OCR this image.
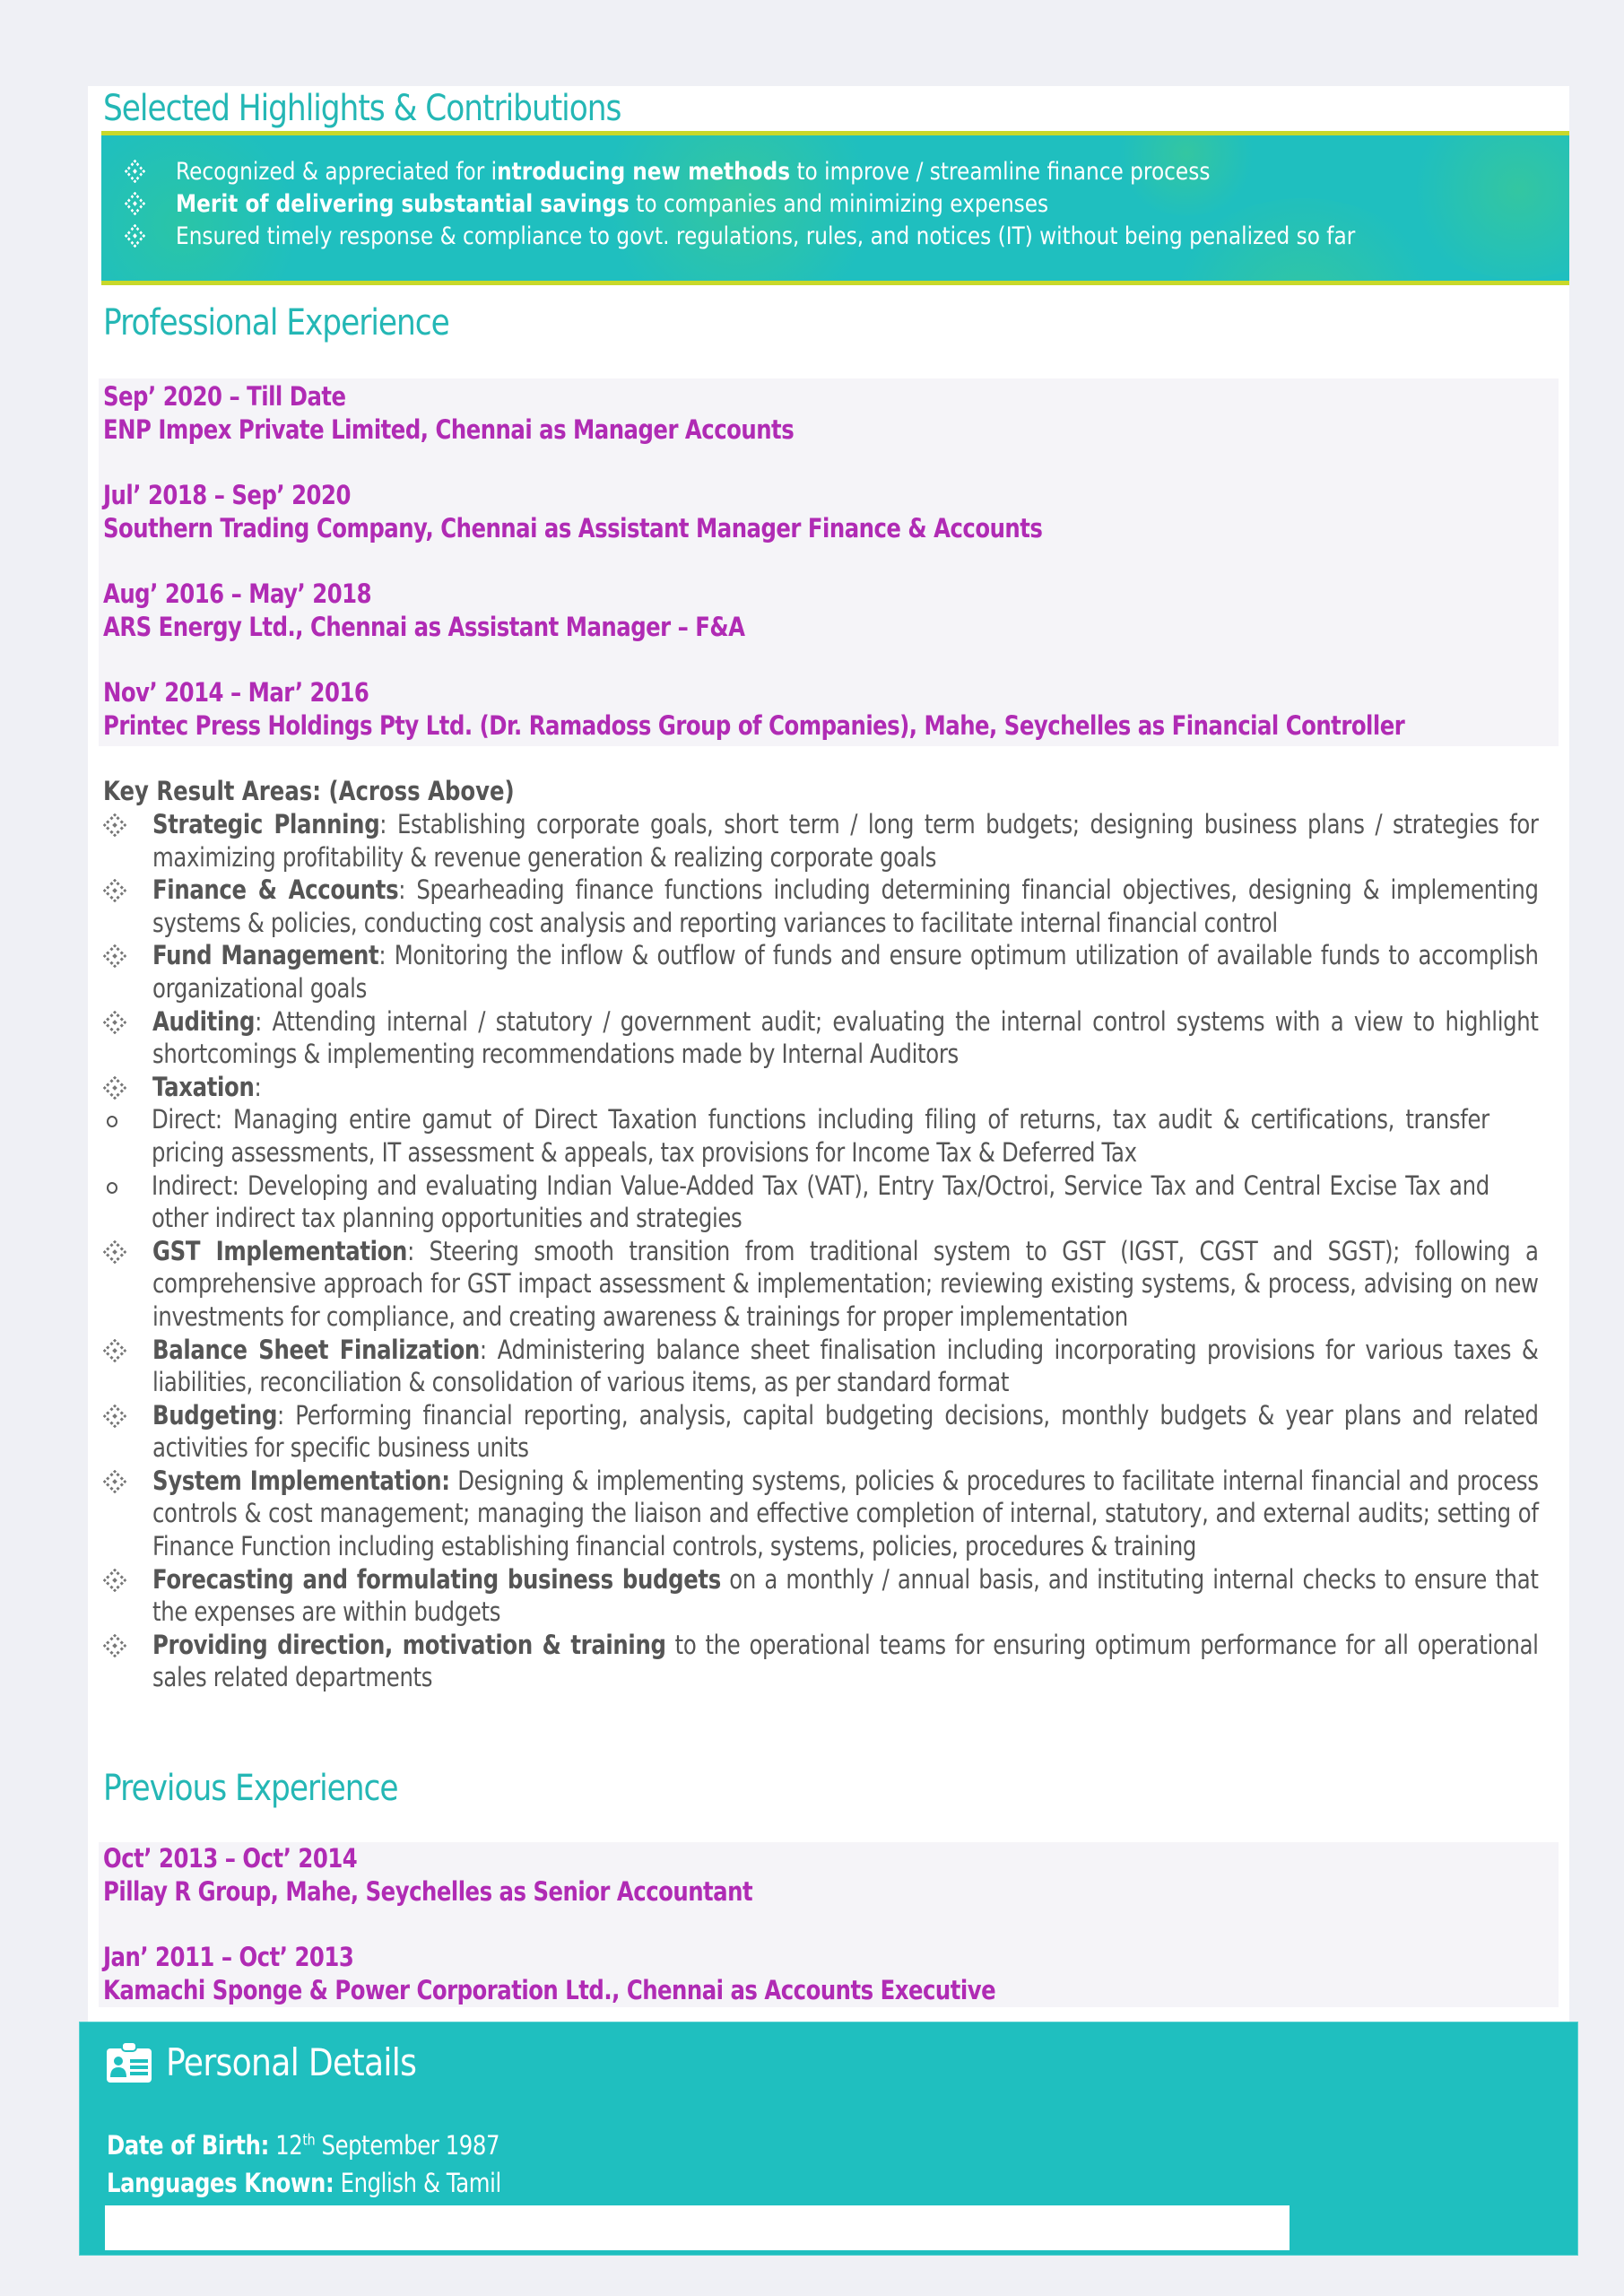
Selected Highlights & Contributions
Recognized & appreciated for introducing new methods to improve / streamline finance process
Merit of delivering substantial savings to companies and minimizing expenses
Ensured timely response & compliance to govt. regulations, rules, and notices (IT) without being penalized so far
Professional Experience
Sep’ 2020 – Till Date
ENP Impex Private Limited, Chennai as Manager Accounts
Jul’ 2018 – Sep’ 2020
Southern Trading Company, Chennai as Assistant Manager Finance & Accounts
Aug’ 2016 – May’ 2018
ARS Energy Ltd., Chennai as Assistant Manager – F&A
Nov’ 2014 – Mar’ 2016
Printec Press Holdings Pty Ltd. (Dr. Ramadoss Group of Companies), Mahe, Seychelles as Financial Controller
Key Result Areas: (Across Above)
Strategic Planning: Establishing corporate goals, short term / long term budgets; designing business plans / strategies for maximizing profitability & revenue generation & realizing corporate goals
Finance & Accounts: Spearheading finance functions including determining financial objectives, designing & implementing systems & policies, conducting cost analysis and reporting variances to facilitate internal financial control
Fund Management: Monitoring the inflow & outflow of funds and ensure optimum utilization of available funds to accomplish organizational goals
Auditing: Attending internal / statutory / government audit; evaluating the internal control systems with a view to highlight shortcomings & implementing recommendations made by Internal Auditors
Taxation:
Direct: Managing entire gamut of Direct Taxation functions including filing of returns, tax audit & certifications, transfer pricing assessments, IT assessment & appeals, tax provisions for Income Tax & Deferred Tax
Indirect: Developing and evaluating Indian Value-Added Tax (VAT), Entry Tax/Octroi, Service Tax and Central Excise Tax and other indirect tax planning opportunities and strategies
GST Implementation: Steering smooth transition from traditional system to GST (IGST, CGST and SGST); following a comprehensive approach for GST impact assessment & implementation; reviewing existing systems, & process, advising on new investments for compliance, and creating awareness & trainings for proper implementation
Balance Sheet Finalization: Administering balance sheet finalisation including incorporating provisions for various taxes & liabilities, reconciliation & consolidation of various items, as per standard format
Budgeting: Performing financial reporting, analysis, capital budgeting decisions, monthly budgets & year plans and related activities for specific business units
System Implementation: Designing & implementing systems, policies & procedures to facilitate internal financial and process controls & cost management; managing the liaison and effective completion of internal, statutory, and external audits; setting of Finance Function including establishing financial controls, systems, policies, procedures & training
Forecasting and formulating business budgets on a monthly / annual basis, and instituting internal checks to ensure that the expenses are within budgets
Providing direction, motivation & training to the operational teams for ensuring optimum performance for all operational sales related departments
Previous Experience
Oct’ 2013 – Oct’ 2014
Pillay R Group, Mahe, Seychelles as Senior Accountant
Jan’ 2011 – Oct’ 2013
Kamachi Sponge & Power Corporation Ltd., Chennai as Accounts Executive
Personal Details
Date of Birth: 12th September 1987
Languages Known: English & Tamil
